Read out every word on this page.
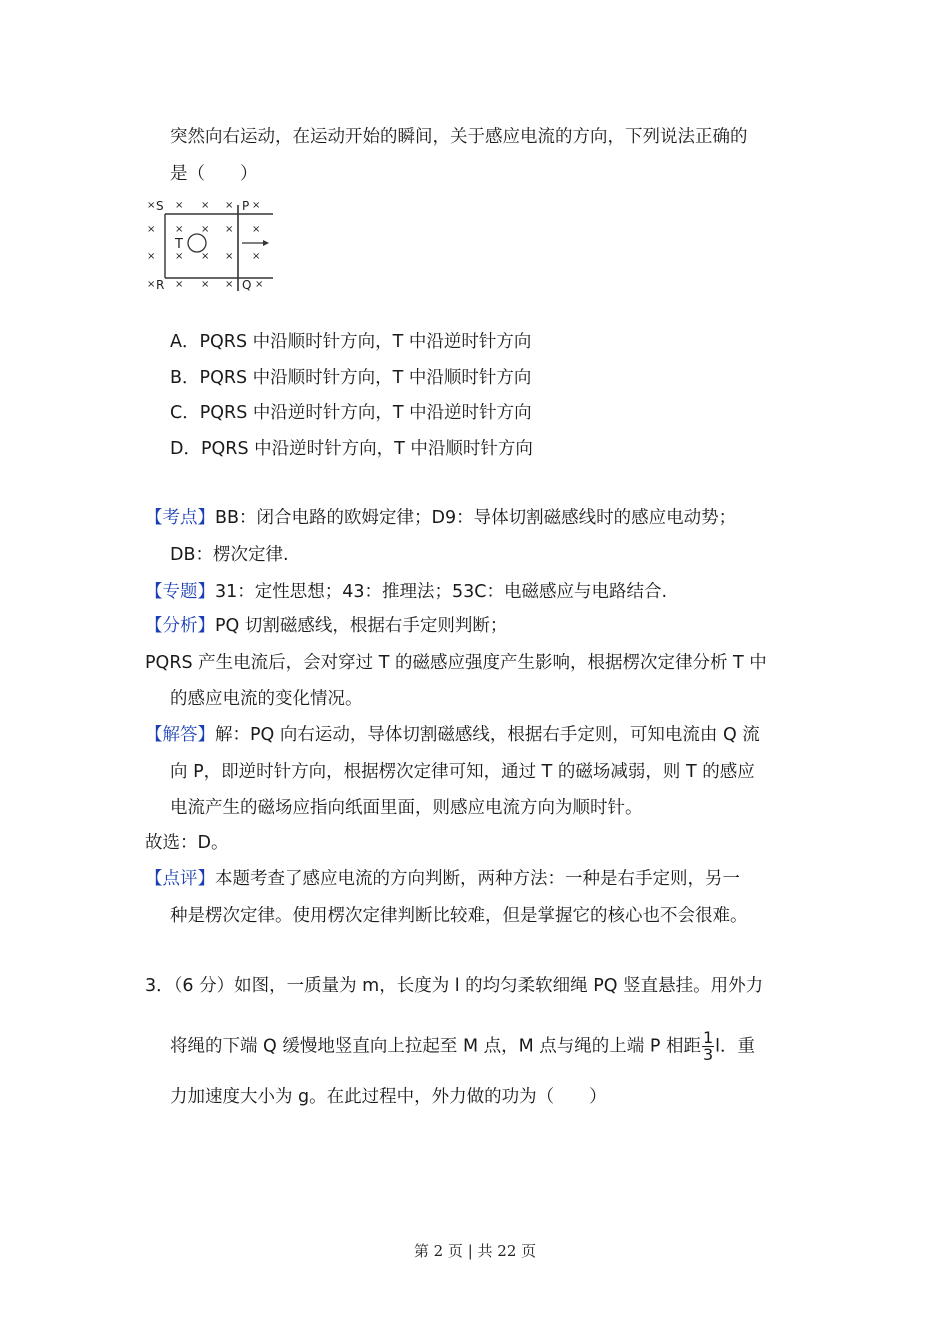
突然向右运动，在运动开始的瞬间，关于感应电流的方向，下列说法正确的
是（　　）
× × × × ×
× × × × ×
× × × × ×
× × × × ×
S	P
R	Q
T
A．PQRS 中沿顺时针方向，T 中沿逆时针方向
B．PQRS 中沿顺时针方向，T 中沿顺时针方向
C．PQRS 中沿逆时针方向，T 中沿逆时针方向
D．PQRS 中沿逆时针方向，T 中沿顺时针方向
【考点】BB：闭合电路的欧姆定律；D9：导体切割磁感线时的感应电动势；
DB：楞次定律.
【专题】31：定性思想；43：推理法；53C：电磁感应与电路结合.
【分析】PQ 切割磁感线，根据右手定则判断；
PQRS 产生电流后，会对穿过 T 的磁感应强度产生影响，根据楞次定律分析 T 中
的感应电流的变化情况。
【解答】解：PQ 向右运动，导体切割磁感线，根据右手定则，可知电流由 Q 流
向 P，即逆时针方向，根据楞次定律可知，通过 T 的磁场减弱，则 T 的感应
电流产生的磁场应指向纸面里面，则感应电流方向为顺时针。
故选：D。
【点评】本题考查了感应电流的方向判断，两种方法：一种是右手定则，另一
种是楞次定律。使用楞次定律判断比较难，但是掌握它的核心也不会很难。
3．（6 分）如图，一质量为 m，长度为 l 的均匀柔软细绳 PQ 竖直悬挂。用外力
将绳的下端 Q 缓慢地竖直向上拉起至 M 点，M 点与绳的上端 P 相距 $\frac{1}{3}$ l．重
力加速度大小为 g。在此过程中，外力做的功为（　　）
第 2 页 | 共 22 页
